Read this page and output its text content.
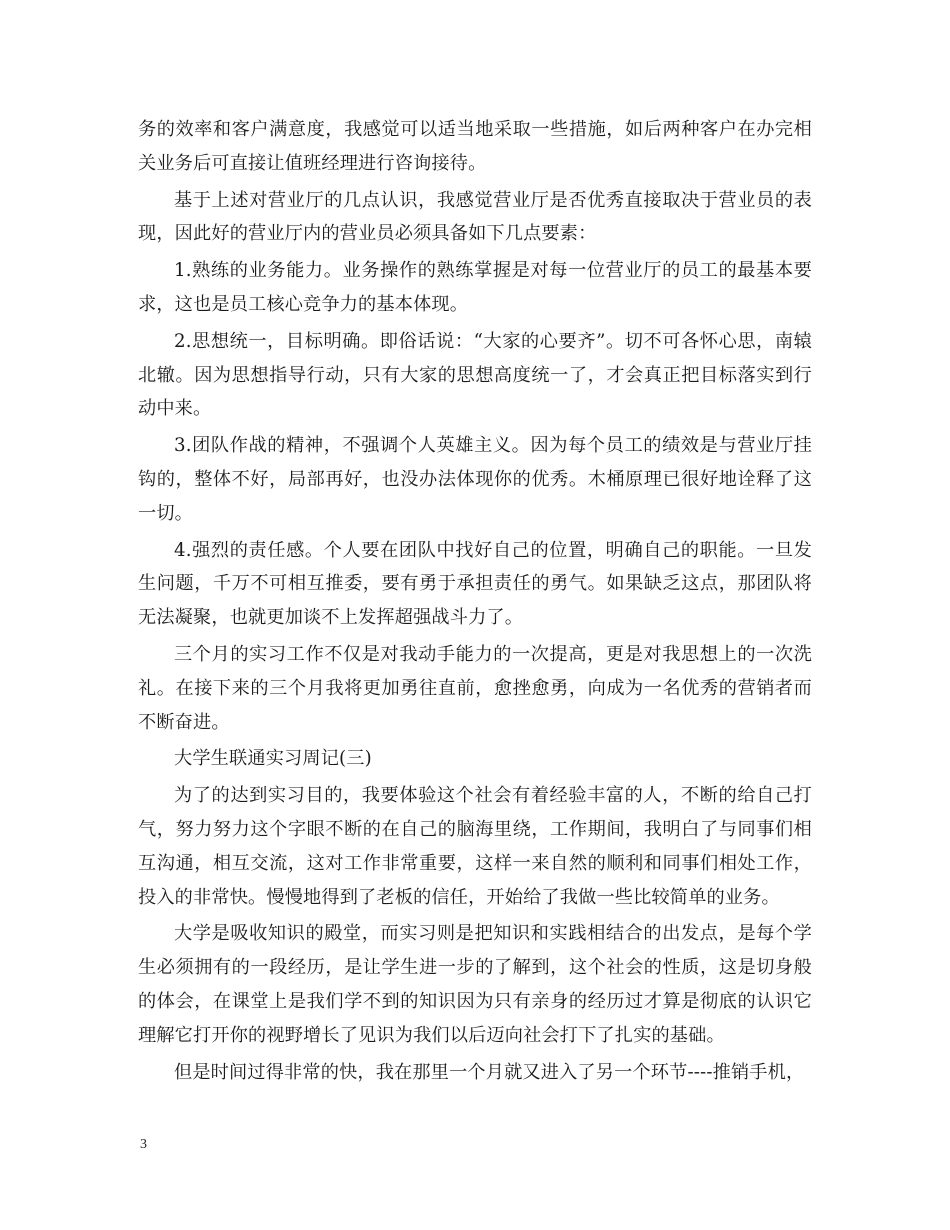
务的效率和客户满意度，我感觉可以适当地采取一些措施，如后两种客户在办完相关业务后可直接让值班经理进行咨询接待。

基于上述对营业厅的几点认识，我感觉营业厅是否优秀直接取决于营业员的表现，因此好的营业厅内的营业员必须具备如下几点要素：

1.熟练的业务能力。业务操作的熟练掌握是对每一位营业厅的员工的最基本要求，这也是员工核心竞争力的基本体现。

2.思想统一，目标明确。即俗话说：“大家的心要齐”。切不可各怀心思，南辕北辙。因为思想指导行动，只有大家的思想高度统一了，才会真正把目标落实到行动中来。

3.团队作战的精神，不强调个人英雄主义。因为每个员工的绩效是与营业厅挂钩的，整体不好，局部再好，也没办法体现你的优秀。木桶原理已很好地诠释了这一切。

4.强烈的责任感。个人要在团队中找好自己的位置，明确自己的职能。一旦发生问题，千万不可相互推委，要有勇于承担责任的勇气。如果缺乏这点，那团队将无法凝聚，也就更加谈不上发挥超强战斗力了。

三个月的实习工作不仅是对我动手能力的一次提高，更是对我思想上的一次洗礼。在接下来的三个月我将更加勇往直前，愈挫愈勇，向成为一名优秀的营销者而不断奋进。

大学生联通实习周记(三)

为了的达到实习目的，我要体验这个社会有着经验丰富的人，不断的给自己打气，努力努力这个字眼不断的在自己的脑海里绕，工作期间，我明白了与同事们相互沟通，相互交流，这对工作非常重要，这样一来自然的顺利和同事们相处工作，投入的非常快。慢慢地得到了老板的信任，开始给了我做一些比较简单的业务。

大学是吸收知识的殿堂，而实习则是把知识和实践相结合的出发点，是每个学生必须拥有的一段经历，是让学生进一步的了解到，这个社会的性质，这是切身般的体会，在课堂上是我们学不到的知识因为只有亲身的经历过才算是彻底的认识它理解它打开你的视野增长了见识为我们以后迈向社会打下了扎实的基础。

但是时间过得非常的快，我在那里一个月就又进入了另一个环节----推销手机，

3
